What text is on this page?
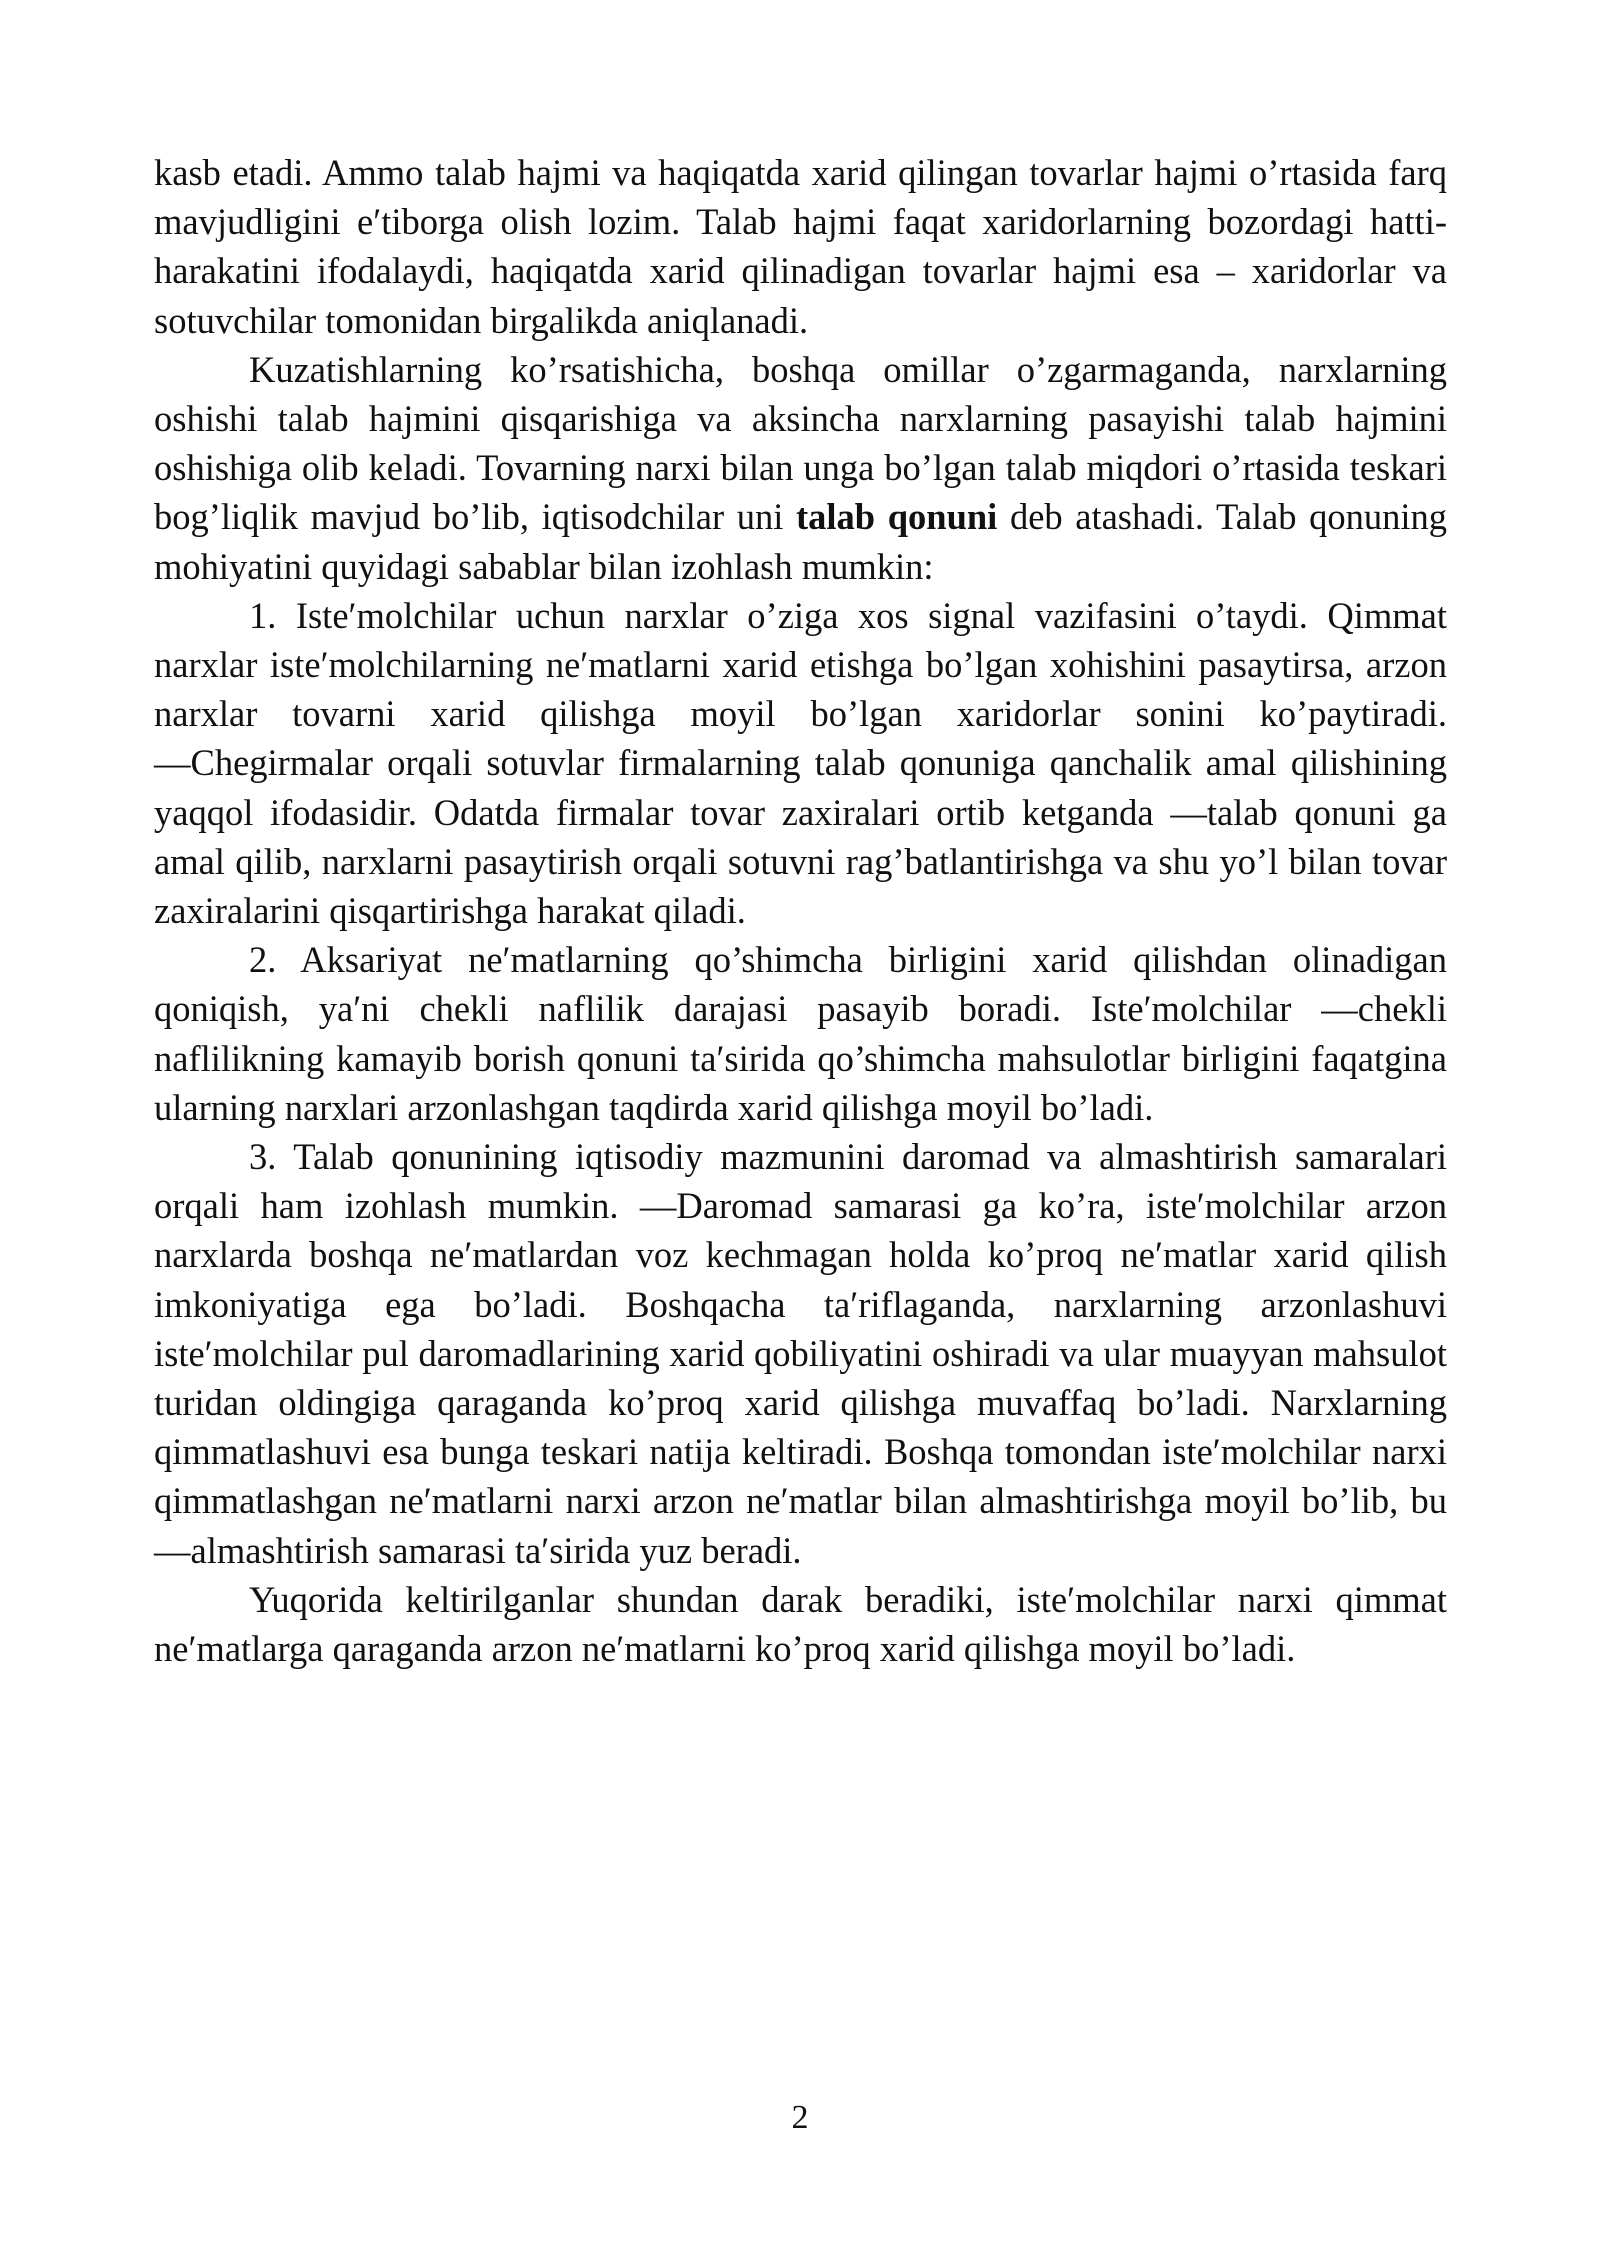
kasb etadi. Ammo talab hajmi va haqiqatda xarid qilingan tovarlar hajmi o’rtasida farq mavjudligini e′tiborga olish lozim. Talab hajmi faqat xaridorlarning bozordagi hatti-harakatini ifodalaydi, haqiqatda xarid qilinadigan tovarlar hajmi esa – xaridorlar va sotuvchilar tomonidan birgalikda aniqlanadi.

Kuzatishlarning ko’rsatishicha, boshqa omillar o’zgarmaganda, narxlarning oshishi talab hajmini qisqarishiga va aksincha narxlarning pasayishi talab hajmini oshishiga olib keladi. Tovarning narxi bilan unga bo’lgan talab miqdori o’rtasida teskari bog’liqlik mavjud bo’lib, iqtisodchilar uni talab qonuni deb atashadi. Talab qonuning mohiyatini quyidagi sabablar bilan izohlash mumkin:

1. Iste′molchilar uchun narxlar o’ziga xos signal vazifasini o’taydi. Qimmat narxlar iste′molchilarning ne′matlarni xarid etishga bo’lgan xohishini pasaytirsa, arzon narxlar tovarni xarid qilishga moyil bo’lgan xaridorlar sonini ko’paytiradi. ―Chegirmalar orqali sotuvlar firmalarning talab qonuniga qanchalik amal qilishining yaqqol ifodasidir. Odatda firmalar tovar zaxiralari ortib ketganda ―talab qonuni ga amal qilib, narxlarni pasaytirish orqali sotuvni rag’batlantirishga va shu yo’l bilan tovar zaxiralarini qisqartirishga harakat qiladi.

2. Aksariyat ne′matlarning qo’shimcha birligini xarid qilishdan olinadigan qoniqish, ya′ni chekli naflilik darajasi pasayib boradi. Iste′molchilar ―chekli naflilikning kamayib borish qonuni ta′sirida qo’shimcha mahsulotlar birligini faqatgina ularning narxlari arzonlashgan taqdirda xarid qilishga moyil bo’ladi.

3. Talab qonunining iqtisodiy mazmunini daromad va almashtirish samaralari orqali ham izohlash mumkin. ―Daromad samarasi ga ko’ra, iste′molchilar arzon narxlarda boshqa ne′matlardan voz kechmagan holda ko’proq ne′matlar xarid qilish imkoniyatiga ega bo’ladi. Boshqacha ta′riflaganda, narxlarning arzonlashuvi iste′molchilar pul daromadlarining xarid qobiliyatini oshiradi va ular muayyan mahsulot turidan oldingiga qaraganda ko’proq xarid qilishga muvaffaq bo’ladi. Narxlarning qimmatlashuvi esa bunga teskari natija keltiradi. Boshqa tomondan iste′molchilar narxi qimmatlashgan ne′matlarni narxi arzon ne′matlar bilan almashtirishga moyil bo’lib, bu ―almashtirish samarasi ta′sirida yuz beradi.

Yuqorida keltirilganlar shundan darak beradiki, iste′molchilar narxi qimmat ne′matlarga qaraganda arzon ne′matlarni ko’proq xarid qilishga moyil bo’ladi.

2
